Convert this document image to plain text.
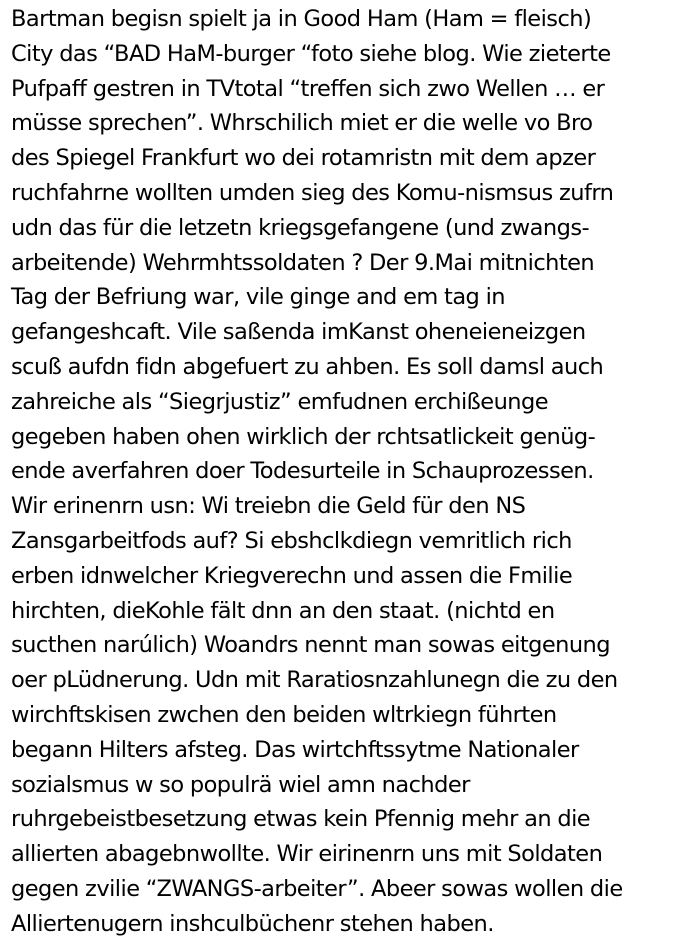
Bartman begisn spielt ja in Good Ham (Ham = fleisch)
City das “BAD HaM-burger “foto siehe blog. Wie zieterte
Pufpaff gestren in TVtotal “treffen sich zwo Wellen … er
müsse sprechen”. Whrschilich miet er die welle vo Bro
des Spiegel Frankfurt wo dei rotamristn mit dem apzer
ruchfahrne wollten umden sieg des Komu-nismsus zufrn
udn das für die letzetn kriegsgefangene (und zwangs-
arbeitende) Wehrmhtssoldaten ? Der 9.Mai mitnichten
Tag der Befriung war, vile ginge and em tag in
gefangeshcaft. Vile saßenda imKanst oheneieneizgen
scuß aufdn fidn abgefuert zu ahben. Es soll damsl auch
zahreiche als “Siegrjustiz” emfudnen erchißeunge
gegeben haben ohen wirklich der rchtsatlickeit genüg-
ende averfahren doer Todesurteile in Schauprozessen.
Wir erinenrn usn: Wi treiebn die Geld für den NS
Zansgarbeitfods auf? Si ebshclkdiegn vemritlich rich
erben idnwelcher Kriegverechn und assen die Fmilie
hirchten, dieKohle fält dnn an den staat. (nichtd en
sucthen narúlich) Woandrs nennt man sowas eitgenung
oer pLüdnerung. Udn mit Raratiosnzahlunegn die zu den
wirchftskisen zwchen den beiden wltrkiegn führten
begann Hilters afsteg. Das wirtchftssytme Nationaler
sozialsmus w so populrä wiel amn nachder
ruhrgebeistbesetzung etwas kein Pfennig mehr an die
allierten abagebnwollte. Wir eirinenrn uns mit Soldaten
gegen zvilie “ZWANGS-arbeiter”. Abeer sowas wollen die
Alliertenugern inshculbüchenr stehen haben.
